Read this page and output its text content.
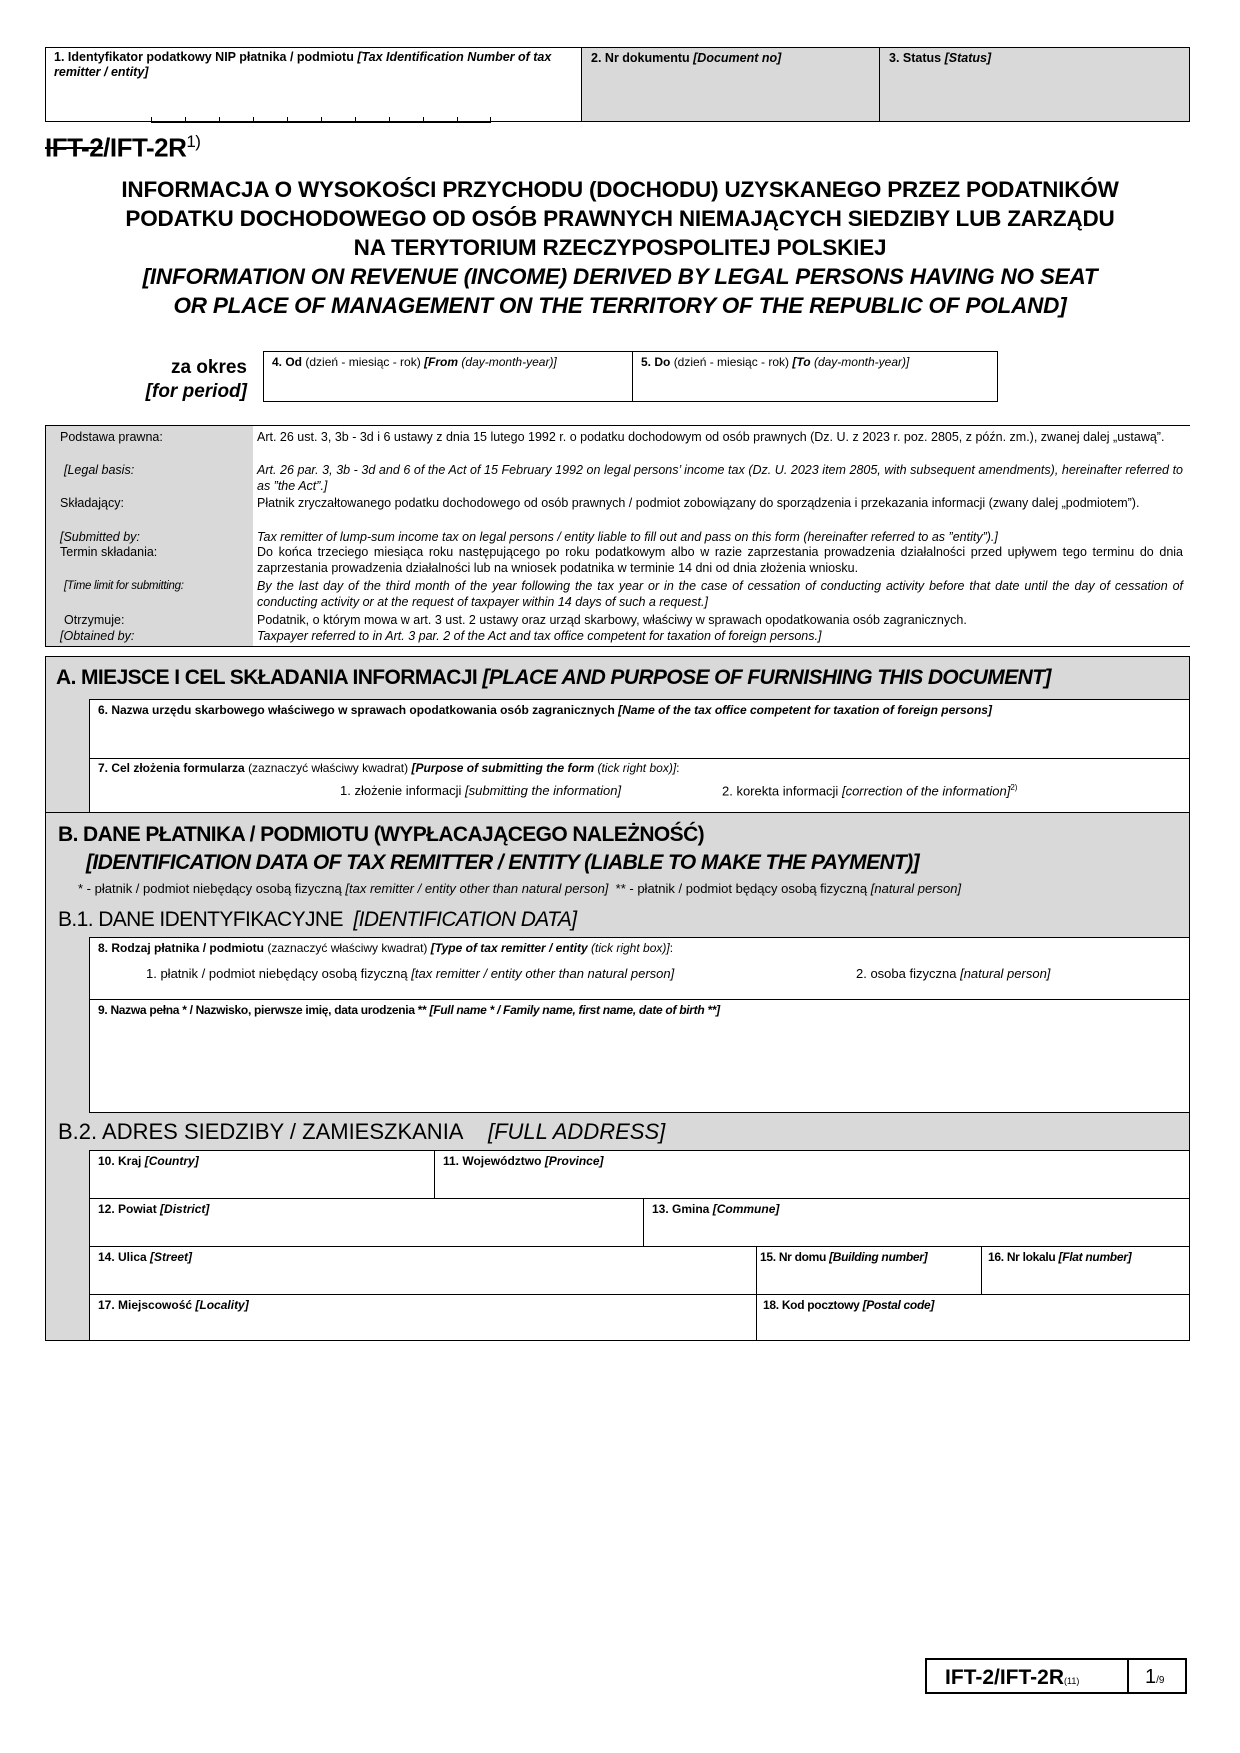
1. Identyfikator podatkowy NIP płatnika / podmiotu [Tax Identification Number of tax remitter / entity]
2. Nr dokumentu [Document no]	3. Status [Status]
IFT-$2/IFT-2R^{1)}$
INFORMACJA O WYSOKOŚCI PRZYCHODU (DOCHODU) UZYSKANEGO PRZEZ PODATNIKÓW
PODATKU DOCHODOWEGO OD OSÓB PRAWNYCH NIEMAJĄCYCH SIEDZIBY LUB ZARZĄDU
NA TERYTORIUM RZECZYPOSPOLITEJ POLSKIEJ
[INFORMATION ON REVENUE (INCOME) DERIVED BY LEGAL PERSONS HAVING NO SEAT
OR PLACE OF MANAGEMENT ON THE TERRITORY OF THE REPUBLIC OF POLAND]
za okres
[for period]
4. Od (dzień - miesiąc - rok) [From (day-month-year)]	5. Do (dzień - miesiąc - rok) [To (day-month-year)]
Podstawa prawna:	Art. 26 ust. 3, 3b - 3d i 6 ustawy z dnia 15 lutego 1992 r. o podatku dochodowym od osób prawnych (Dz. U. z 2023 r. poz. 2805, z późn. zm.), zwanej dalej „ustawą”.
[Legal basis:	Art. 26 par. 3, 3b - 3d and 6 of the Act of 15 February 1992 on legal persons’ income tax (Dz. U. 2023 item 2805, with subsequent amendments), hereinafter referred to as ”the Act”.]
Składający:	Płatnik zryczałtowanego podatku dochodowego od osób prawnych / podmiot zobowiązany do sporządzenia i przekazania informacji (zwany dalej „podmiotem”).
[Submitted by:	Tax remitter of lump-sum income tax on legal persons / entity liable to fill out and pass on this form (hereinafter referred to as ”entity”).]
Termin składania:	Do końca trzeciego miesiąca roku następującego po roku podatkowym albo w razie zaprzestania prowadzenia działalności przed upływem tego terminu do dnia zaprzestania prowadzenia działalności lub na wniosek podatnika w terminie 14 dni od dnia złożenia wniosku.
[Time limit for submitting:	By the last day of the third month of the year following the tax year or in the case of cessation of conducting activity before that date until the day of cessation of conducting activity or at the request of taxpayer within 14 days of such a request.]
Otrzymuje:	Podatnik, o którym mowa w art. 3 ust. 2 ustawy oraz urząd skarbowy, właściwy w sprawach opodatkowania osób zagranicznych.
[Obtained by:	Taxpayer referred to in Art. 3 par. 2 of the Act and tax office competent for taxation of foreign persons.]
A. MIEJSCE I CEL SKŁADANIA INFORMACJI [PLACE AND PURPOSE OF FURNISHING THIS DOCUMENT]
6. Nazwa urzędu skarbowego właściwego w sprawach opodatkowania osób zagranicznych [Name of the tax office competent for taxation of foreign persons]
7. Cel złożenia formularza (zaznaczyć właściwy kwadrat) [Purpose of submitting the form (tick right box)]:
1. złożenie informacji [submitting the information]	2. korekta informacji [correction of the information]$^{2)}$
B. DANE PŁATNIKA / PODMIOTU (WYPŁACAJĄCEGO NALEŻNOŚĆ)
[IDENTIFICATION DATA OF TAX REMITTER / ENTITY (LIABLE TO MAKE THE PAYMENT)]
* - płatnik / podmiot niebędący osobą fizyczną [tax remitter / entity other than natural person] ** - płatnik / podmiot będący osobą fizyczną [natural person]
B.1. DANE IDENTYFIKACYJNE [IDENTIFICATION DATA]
8. Rodzaj płatnika / podmiotu (zaznaczyć właściwy kwadrat) [Type of tax remitter / entity (tick right box)]:
1. płatnik / podmiot niebędący osobą fizyczną [tax remitter / entity other than natural person]	2. osoba fizyczna [natural person]
9. Nazwa pełna * / Nazwisko, pierwsze imię, data urodzenia ** [Full name * / Family name, first name, date of birth **]
B.2. ADRES SIEDZIBY / ZAMIESZKANIA [FULL ADDRESS]
10. Kraj [Country]	11. Województwo [Province]
12. Powiat [District]	13. Gmina [Commune]
14. Ulica [Street]	15. Nr domu [Building number]	16. Nr lokalu [Flat number]
17. Miejscowość [Locality]	18. Kod pocztowy [Postal code]
IFT-2/IFT-2R(11)	1/9
